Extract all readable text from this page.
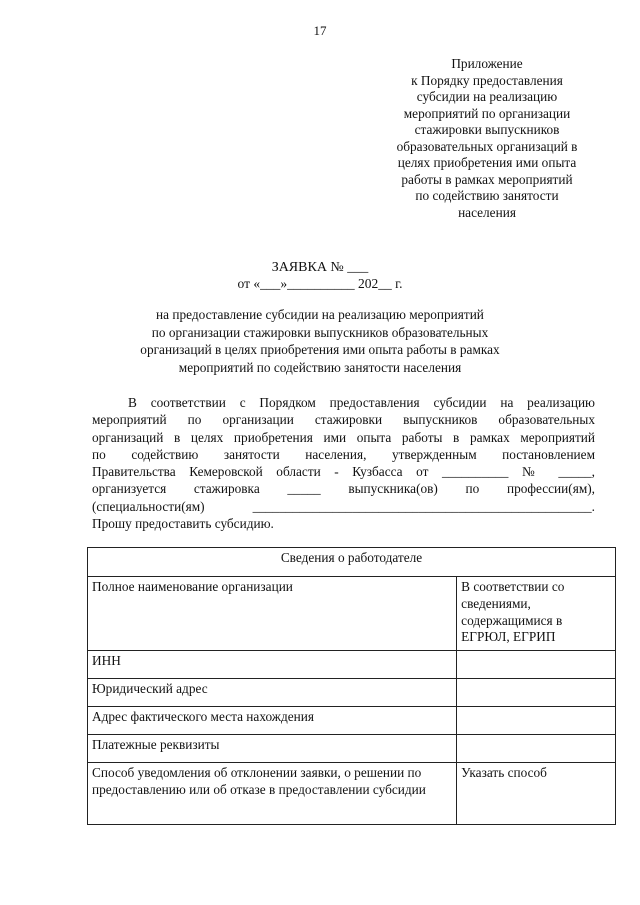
17
Приложение
к Порядку предоставления
субсидии на реализацию
мероприятий по организации
стажировки выпускников
образовательных организаций в
целях приобретения ими опыта
работы в рамках мероприятий
по содействию занятости
населения
ЗАЯВКА № ___
от «___»__________ 202__ г.
на предоставление субсидии на реализацию мероприятий
по организации стажировки выпускников образовательных
организаций в целях приобретения ими опыта работы в рамках
мероприятий по содействию занятости населения
В соответствии с Порядком предоставления субсидии на реализацию
мероприятий по организации стажировки выпускников образовательных
организаций в целях приобретения ими опыта работы в рамках мероприятий
по содействию занятости населения, утвержденным постановлением
Правительства Кемеровской области - Кузбасса от __________ № _____,
организуется стажировка _____ выпускника(ов) по профессии(ям),
(специальности(ям) ___________________________________________________.
Прошу предоставить субсидию.
Сведения о работодателе	
Полное наименование организации	В соответствии со сведениями, содержащимися в ЕГРЮЛ, ЕГРИП
ИНН	
Юридический адрес	
Адрес фактического места нахождения	
Платежные реквизиты	
Способ уведомления об отклонении заявки, о решении по предоставлению или об отказе в предоставлении субсидии	Указать способ
